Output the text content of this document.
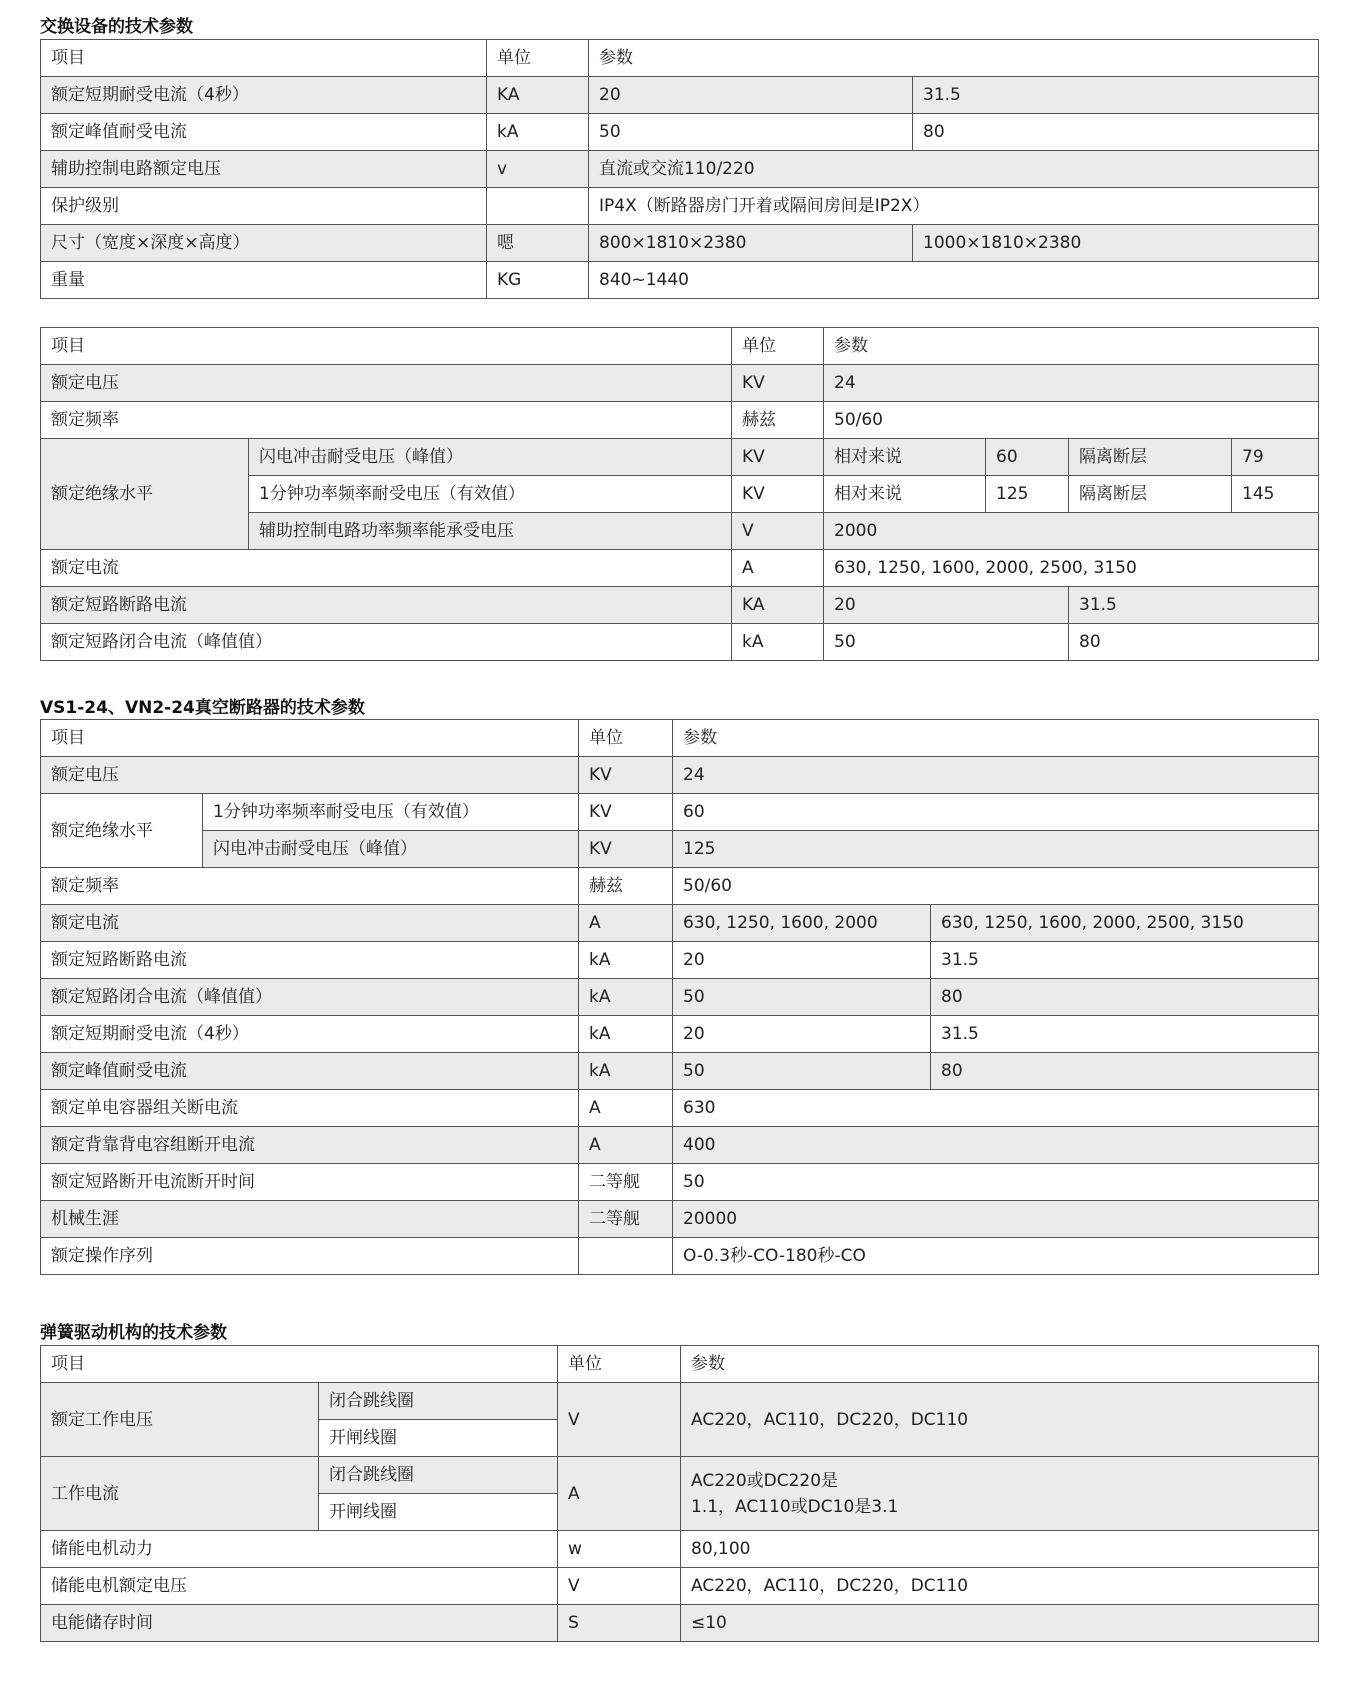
交换设备的技术参数
项目	单位	参数	
额定短期耐受电流（4秒）	KA	20	31.5
额定峰值耐受电流	kA	50	80
辅助控制电路额定电压	v	直流或交流110/220	
保护级别		IP4X（断路器房门开着或隔间房间是IP2X）	
尺寸（宽度×深度×高度）	嗯	800×1810×2380	1000×1810×2380
重量	KG	840~1440	
项目		单位	参数			
额定电压		KV	24			
额定频率		赫兹	50/60			
额定绝缘水平	闪电冲击耐受电压（峰值）	KV	相对来说	60	隔离断层	79
	1分钟功率频率耐受电压（有效值）	KV	相对来说	125	隔离断层	145
	辅助控制电路功率频率能承受电压	V	2000			
额定电流		A	630, 1250, 1600, 2000, 2500, 3150			
额定短路断路电流		KA	20		31.5	
额定短路闭合电流（峰值值）		kA	50		80	
VS1-24、VN2-24真空断路器的技术参数
项目		单位	参数	
额定电压		KV	24	
额定绝缘水平	1分钟功率频率耐受电压（有效值）	KV	60	
	闪电冲击耐受电压（峰值）	KV	125	
额定频率		赫兹	50/60	
额定电流		A	630, 1250, 1600, 2000	630, 1250, 1600, 2000, 2500, 3150
额定短路断路电流		kA	20	31.5
额定短路闭合电流（峰值值）		kA	50	80
额定短期耐受电流（4秒）		kA	20	31.5
额定峰值耐受电流		kA	50	80
额定单电容器组关断电流		A	630	
额定背靠背电容组断开电流		A	400	
额定短路断开电流断开时间		二等舰	50	
机械生涯		二等舰	20000	
额定操作序列			O-0.3秒-CO-180秒-CO	
弹簧驱动机构的技术参数
项目		单位	参数
额定工作电压	闭合跳线圈	V	AC220，AC110，DC220，DC110
	开闸线圈		
工作电流	闭合跳线圈	A	AC220或DC220是
1.1，AC110或DC10是3.1

	开闸线圈		
储能电机动力		w	80,100
储能电机额定电压		V	AC220，AC110，DC220，DC110
电能储存时间		S	≤10
